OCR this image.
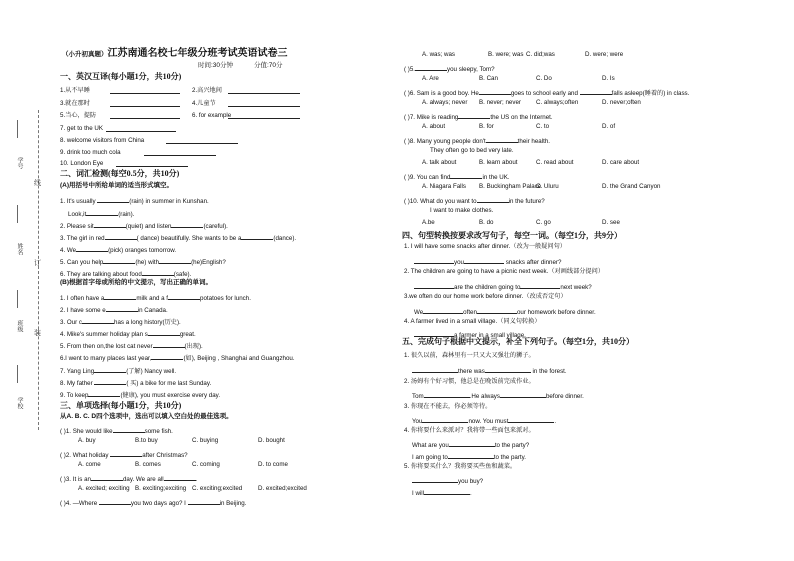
学号
姓名
班级
学校
线
订
装
（小升初真题）江苏南通名校七年级分班考试英语试卷三
时间:30分钟	分值:70分
一、英汉互译(每小题1分，共10分)
1.从不早睡
3.就在那时
5.当心，提防
7. get to the UK
8. welcome visitors from China
9. drink too much cola
10. London Eye
2.高兴地间
4.儿童节
6. for example
二、词汇检测(每空0.5分，共10分)
(A)用括号中所给单词的适当形式填空。
1. It's usually	(rain) in summer in Kunshan.
Look,it	(rain).
2. Please sit	(quiet) and listen	(careful).
3. The girl in red	( dance) beautifully. She wants to be a	(dance).
4. We	(pick) oranges tomorrow.
5. Can you help	(he) with	(he)English?
6. They are talking about food	(safe).
(B)根据首字母或所给的中文提示，写出正确的单词。
1. I often have a	milk and a f	potatoes for lunch.
2. I have some e	in Canada.
3. Our c	has a long history(历史).
4. Mike's summer holiday plan s	great.
5. From then on,the lost cat never	(出现).
6.I went to many places last year,	(如), Beijing , Shanghai and Guangzhou.
7. Yang Ling	(了解) Nancy well.
8. My father	( 买) a bike for me last Sunday.
9. To keep	(健康), you must exercise every day.
三、单项选择(每小题1分，共10分)
从A. B. C. D四个选项中，选出可以填入空白处的最佳选项。
( )1. She would like	some fish.
A. buy	B.to buy	C. buying	D. bought
( )2. What holiday	after Christmas?
A. come	B. comes	C. coming	D. to come
( )3. It is an	day. We are all	.
A. excited; exciting B. exciting;exciting C. exciting;excited	D. excited;excited
( )4. —Where	you two days ago? I	in Beijing.
A. was; was	B. were; was C. did;was	D. were; were
( )5.	you sleepy, Tom?
A. Are	B. Can	C. Do	D. Is
( )6. Sam is a good boy. He	goes to school early and	falls asleep(睡着的) in class.
A. always; never B. never; never C. always;often	D. never;often
( )7. Mike is reading	the US on the Internet.
A. about	B. for	C. to	D. of
( )8. Many young people don't	their health.
They often go to bed very late.
A. talk about	B. learn about	C. read about	D. care about
( )9. You can find	in the UK.
A. Niagara Falls B. Buckingham Palace
C. Uluru	D. the Grand Canyon
( )10. What do you want to	in the future?
I want to make clothes.
A.be	B. do	C. go	D. see
四、句型转换按要求改写句子，每空一词。（每空1分，共9分）
1. I will have some snacks after dinner.（改为一般疑问句）
you	snacks after dinner?
2. The children are going to have a picnic next week.（对画线部分提问）
are the children going to	next week?
3.we often do our home work before dinner.（改成否定句）
We	often	our homework before dinner.
4. A farmer lived in a small village.（同义句转换）
a farmer in a small village.
五、完成句子根据中文提示，补全下列句子。（每空1分，共10分）
1. 很久以前，森林里有一只又大又强壮的狮子。
there was	in the forest.
2. 汤姆有个好习惯，他总是在晚饭前完成作业。
Tom	.He always	before dinner.
3. 你现在不能去，你必须等待。
You	now. You must	.
4. 你将要什么来派对？我将带一些面包来派对。
What are you	to the party?
I am going to	to the party.
5. 你将要买什么？我将要买些鱼和蔬菜。
you buy?
I will	.
